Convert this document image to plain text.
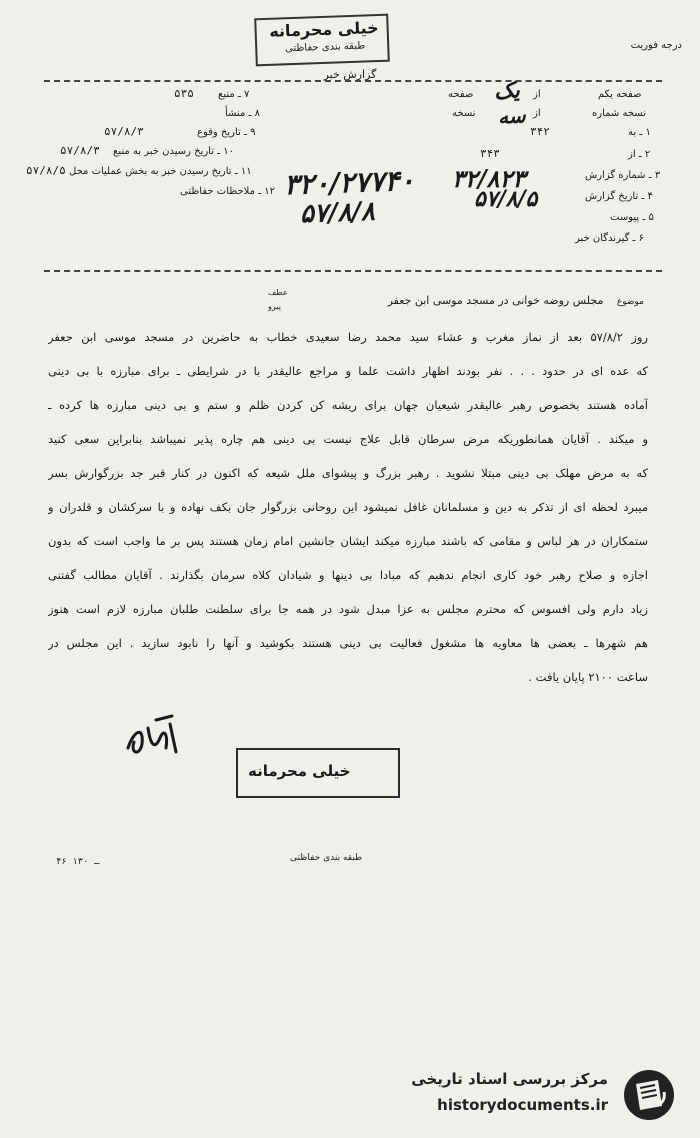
خیلی محرمانه
طبقه بندی حفاظتی	درجه فوریت
گزارش خبر
۷ ـ منبع
۵۳۵
۸ ـ منشأ
۹ ـ تاریخ وقوع
۵۷/۸/۳
۱۰ ـ تاریخ رسیدن خبر به منبع
۵۷/۸/۳
۱۱ ـ تاریخ رسیدن خبر به بخش عملیات محل
۵۷/۸/۵
۱۲ ـ ملاحظات حفاظتی
صفحه یکم
از
صفحه
نسخه شماره
از
نسخه
۱ ـ به
۳۴۲
۲ ـ از
۳۴۳
۳ ـ شماره گزارش
۴ ـ تاریخ گزارش
۵ ـ پیوست
۶ ـ گیرندگان خبر
یک
سه
۳۲/۸۲۳
۵۷/۸/۵
۳۲۰/۲۷۷۴۰
۵۷/۸/۸
عطف
پیرو	موضوع مجلس روضه خوانی در مسجد موسی ابن جعفر
روز ۵۷/۸/۲ بعد از نماز مغرب و عشاء سید محمد رضا سعیدی خطاب به حاضرین در مسجد موسی ابن جعفر
که عده ای در حدود . . . نفر بودند اظهار داشت علما و مراجع عالیقدر با در شرایطی ـ برای مبارزه با بی دینی
آماده هستند بخصوص رهبر عالیقدر شیعیان جهان برای ریشه کن کردن ظلم و ستم و بی دینی مبارزه ها کرده ـ
و میکند . آقایان همانطوریکه مرض سرطان قابل علاج نیست بی دینی هم چاره پذیر نمیباشد بنابراین سعی کنید
که به مرض مهلک بی دینی مبتلا نشوید . رهبر بزرگ و پیشوای ملل شیعه که اکنون در کنار قبر جد بزرگوارش بسر
میبرد لحظه ای از تذکر به دین و مسلمانان غافل نمیشود این روحانی بزرگوار جان بکف نهاده و با سرکشان و قلدران و
ستمکاران در هر لباس و مقامی که باشند مبارزه میکند ایشان جانشین امام زمان هستند پس بر ما واجب است که بدون
اجازه و صلاح رهبر خود کاری انجام ندهیم که مبادا بی دینها و شیادان کلاه سرمان بگذارند . آقایان مطالب گفتنی
زیاد دارم ولی افسوس که محترم مجلس به عزا مبدل شود در همه جا برای سلطنت طلبان مبارزه لازم است هنوز
هم شهرها ـ بعضی ها معاویه ها مشغول فعالیت بی دینی هستند بکوشید و آنها را نابود سازید . این مجلس در
ساعت ۲۱۰۰ پایان یافت .
خیلی محرمانه
طبقه بندی حفاظتی
۴۶ ـ ۱۳۰
مرکز بررسی اسناد تاریخی
historydocuments.ir
